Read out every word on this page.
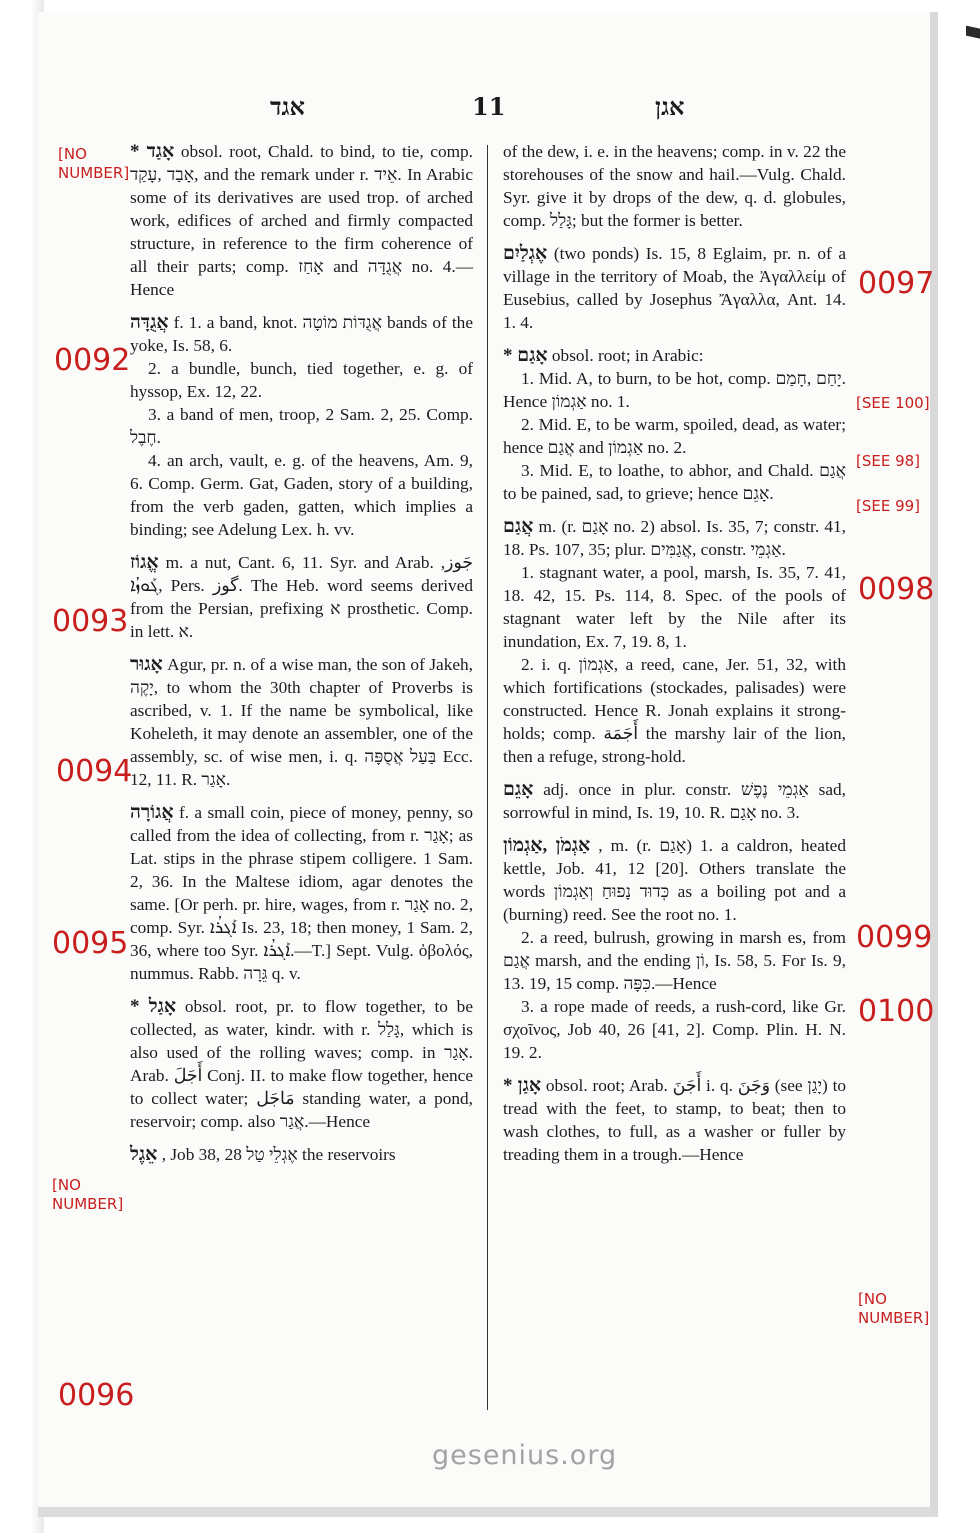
אגד	11	אגן

* אָגַד obsol. root, Chald. to bind, to tie, comp. אָבַד ,עָקַד, and the remark under r. אֵיד. In Arabic some of its derivatives are used trop. of arched work, edifices of arched and firmly compacted structure, in reference to the firm coherence of all their parts; comp. אָחַז and אֲגֻדָּה no. 4.—Hence

אֲגֻדָּה f. 1. a band, knot. אֲגֻדּוֹת מוֹטָה bands of the yoke, Is. 58, 6.

2. a bundle, bunch, tied together, e. g. of hyssop, Ex. 12, 22.

3. a band of men, troop, 2 Sam. 2, 25. Comp. חֶבֶל.

4. an arch, vault, e. g. of the heavens, Am. 9, 6. Comp. Germ. Gat, Gaden, story of a building, from the verb gaden, gatten, which implies a binding; see Adelung Lex. h. vv.

אֱגוֹז m. a nut, Cant. 6, 11. Syr. and Arab. جَوز, ܓܰܘܙܳܐ, Pers. گوز. The Heb. word seems derived from the Persian, prefixing א prosthetic. Comp. in lett. א.

אָגוּר Agur, pr. n. of a wise man, the son of Jakeh, יָקֶה, to whom the 30th chapter of Proverbs is ascribed, v. 1. If the name be symbolical, like Koheleth, it may denote an assembler, one of the assembly, sc. of wise men, i. q. בַּעַל אֲסֻפָּה Ecc. 12, 11. R. אָגַר.

אֲגוֹרָה f. a small coin, piece of money, penny, so called from the idea of collecting, from r. אָגַר; as Lat. stips in the phrase stipem colligere. 1 Sam. 2, 36. In the Maltese idiom, agar denotes the same. [Or perh. pr. hire, wages, from r. אָגַר no. 2, comp. Syr. ܐܰܓܪܳܐ Is. 23, 18; then money, 1 Sam. 2, 36, where too Syr. ܐܰܓܪܳܐ.—T.] Sept. Vulg. ὀβολός, nummus. Rabb. גֵּרָה q. v.

* אָגַל obsol. root, pr. to flow together, to be collected, as water, kindr. with r. גָּלַל, which is also used of the rolling waves; comp. in אָגַר. Arab. أَجَلَ Conj. II. to make flow together, hence to collect water; مَاجَل standing water, a pond, reservoir; comp. also אֲגַר.—Hence

אֵגֶל , Job 38, 28 אֶגְלֵי טַל the reservoirs

of the dew, i. e. in the heavens; comp. in v. 22 the storehouses of the snow and hail.—Vulg. Chald. Syr. give it by drops of the dew, q. d. globules, comp. גָּלַל; but the former is better.

אֶגְלַיִם (two ponds) Is. 15, 8 Eglaim, pr. n. of a village in the territory of Moab, the Ἀγαλλείμ of Eusebius, called by Josephus Ἄγαλλα, Ant. 14. 1. 4.

* אָגַם obsol. root; in Arabic:

1. Mid. A, to burn, to be hot, comp. יָחַם ,חָמַם. Hence אַגְמוֹן no. 1.

2. Mid. E, to be warm, spoiled, dead, as water; hence אֲגַם and אַגְמוֹן no. 2.

3. Mid. E, to loathe, to abhor, and Chald. אֲגַם to be pained, sad, to grieve; hence אָגֵם.

אֲגַם m. (r. אָגַם no. 2) absol. Is. 35, 7; constr. 41, 18. Ps. 107, 35; plur. אֲגַמִּים, constr. אַגְמֵי.

1. stagnant water, a pool, marsh, Is. 35, 7. 41, 18. 42, 15. Ps. 114, 8. Spec. of the pools of stagnant water left by the Nile after its inundation, Ex. 7, 19. 8, 1.

2. i. q. אַגְמוֹן, a reed, cane, Jer. 51, 32, with which fortifications (stockades, palisades) were constructed. Hence R. Jonah explains it strong-holds; comp. أَجَمَة the marshy lair of the lion, then a refuge, strong-hold.

אָגֵם adj. once in plur. constr. אַגְמֵי נֶפֶשׁ sad, sorrowful in mind, Is. 19, 10. R. אָגַם no. 3.

אַגְמֹן ,אַגְמוֹן , m. (r. אָגַם) 1. a caldron, heated kettle, Job. 41, 12 [20]. Others translate the words כְּדוּד נָפוּחַ וְאַגְמוֹן as a boiling pot and a (burning) reed. See the root no. 1.

2. a reed, bulrush, growing in marsh es, from אֲגַם marsh, and the ending וֹן, Is. 58, 5. For Is. 9, 13. 19, 15 comp. כִּפָּה.—Hence

3. a rope made of reeds, a rush-cord, like Gr. σχοῖνος, Job 40, 26 [41, 2]. Comp. Plin. H. N. 19. 2.

* אָגַן obsol. root; Arab. أَجَنَ i. q. وَجَنَ (see יָגַן) to tread with the feet, to stamp, to beat; then to wash clothes, to full, as a washer or fuller by treading them in a trough.—Hence

[NO NUMBER]
0092
0093
0094
0095
[NO NUMBER]
0096
0097
[SEE 100]
[SEE 98]
[SEE 99]
0098
0099
0100
[NO NUMBER]
gesenius.org
